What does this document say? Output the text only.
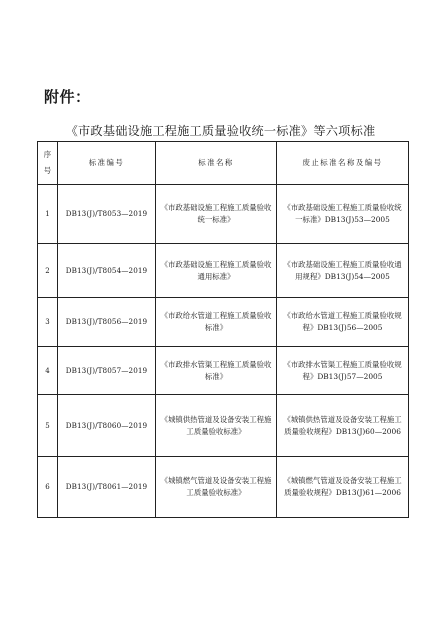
附件：
《市政基础设施工程施工质量验收统一标准》等六项标准
序号	标准编号	标准名称	废止标准名称及编号
1	DB13(J)/T8053—2019	《市政基础设施工程施工质量验收统一标准》	《市政基础设施工程施工质量验收统一标准》DB13(J)53—2005
2	DB13(J)/T8054—2019	《市政基础设施工程施工质量验收通用标准》	《市政基础设施工程施工质量验收通用规程》DB13(J)54—2005
3	DB13(J)/T8056—2019	《市政给水管道工程施工质量验收标准》	《市政给水管道工程施工质量验收规程》DB13(J)56—2005
4	DB13(J)/T8057—2019	《市政排水管渠工程施工质量验收标准》	《市政排水管渠工程施工质量验收规程》DB13(J)57—2005
5	DB13(J)/T8060—2019	《城镇供热管道及设备安装工程施工质量验收标准》	《城镇供热管道及设备安装工程施工质量验收规程》DB13(J)60—2006
6	DB13(J)/T8061—2019	《城镇燃气管道及设备安装工程施工质量验收标准》	《城镇燃气管道及设备安装工程施工质量验收规程》DB13(J)61—2006
